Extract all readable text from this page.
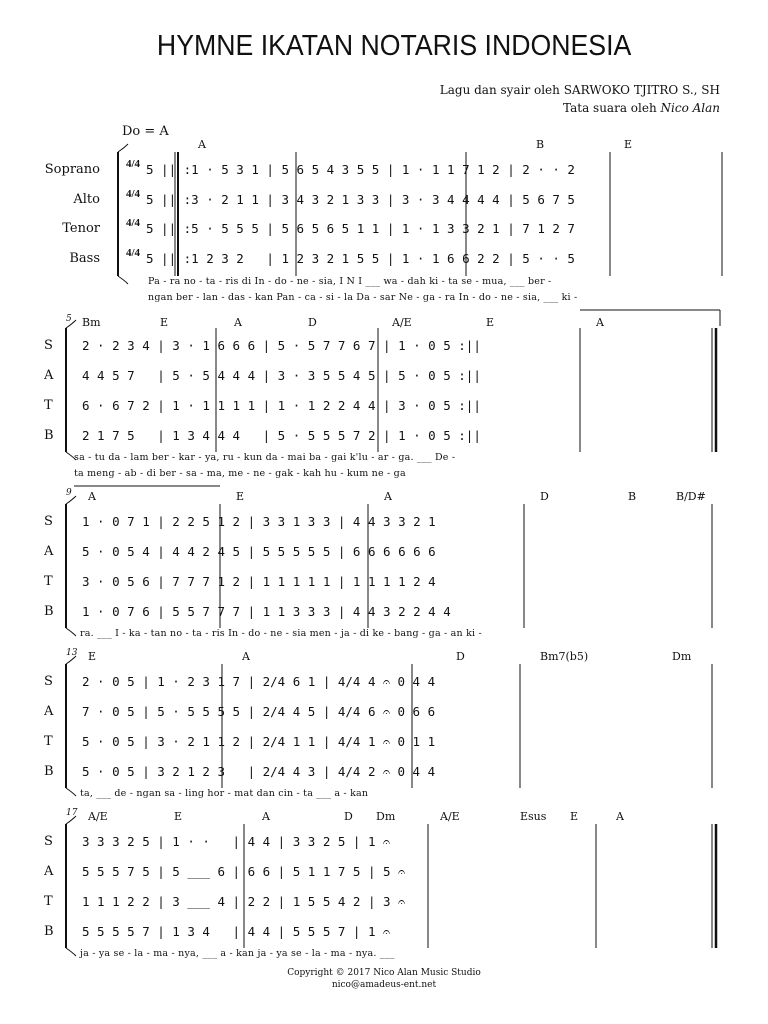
HYMNE IKATAN NOTARIS INDONESIA
Lagu dan syair oleh SARWOKO TJITRO S., SH
Tata suara oleh Nico Alan
Do = A
Soprano
Alto
Tenor
Bass
A	B	E
4/4 5 || :1 · 5 3 1 | 5 6 5 4 3 5 5 | 1 · 1 1 7 1 2 | 2 · · 2
4/4 5 || :3 · 2 1 1 | 3 4 3 2 1 3 3 | 3 · 3 4 4 4 4 | 5 6 7 5
4/4 5 || :5 · 5 5 5 | 5 6 5 6 5 1 1 | 1 · 1 3 3 2 1 | 7 1 2 7
4/4 5 || :1 2 3 2   | 1 2 3 2 1 5 5 | 1 · 1 6 6 2 2 | 5 · · 5
Pa - ra no - ta - ris di In - do - ne - sia, I N I ___ wa - dah ki - ta se - mua, ___ ber -
ngan ber - lan - das - kan Pan - ca - si - la Da - sar Ne - ga - ra In - do - ne - sia, ___ ki -
5 Bm	E	A	D	A/E	E	A
S 2 · 2 3 4 | 3 · 1 6 6 6 | 5 · 5 7 7 6 7 | 1 · 0 5 :||
A 4 4 5 7   | 5 · 5 4 4 4 | 3 · 3 5 5 4 5 | 5 · 0 5 :||
T 6 · 6 7 2 | 1 · 1 1 1 1 | 1 · 1 2 2 4 4 | 3 · 0 5 :||
B 2 1 7 5   | 1 3 4 4 4   | 5 · 5 5 5 7 2 | 1 · 0 5 :||
sa - tu da - lam ber - kar - ya, ru - kun da - mai ba - gai k'lu - ar - ga. ___ De -
ta meng - ab - di ber - sa - ma, me - ne - gak - kah hu - kum ne - ga
9 A	E	A	D	B	B/D#
S 1 · 0 7 1 | 2 2 5 1 2 | 3 3 1 3 3 | 4 4 3 3 2 1
A 5 · 0 5 4 | 4 4 2 4 5 | 5 5 5 5 5 | 6 6 6 6 6 6
T 3 · 0 5 6 | 7 7 7 1 2 | 1 1 1 1 1 | 1 1 1 1 2 4
B 1 · 0 7 6 | 5 5 7 7 7 | 1 1 3 3 3 | 4 4 3 2 2 4 4
ra. ___ I - ka - tan no - ta - ris In - do - ne - sia men - ja - di ke - bang - ga - an ki -
13 E	A	D	Bm7(b5)	Dm
S 2 · 0 5 | 1 · 2 3 1 7 | 2/4 6 1 | 4/4 4 𝄐 0 4 4
A 7 · 0 5 | 5 · 5 5 5 5 | 2/4 4 5 | 4/4 6 𝄐 0 6 6
T 5 · 0 5 | 3 · 2 1 1 2 | 2/4 1 1 | 4/4 1 𝄐 0 1 1
B 5 · 0 5 | 3 2 1 2 3   | 2/4 4 3 | 4/4 2 𝄐 0 4 4
ta, ___ de - ngan sa - ling hor - mat dan cin - ta ___ a - kan
17 A/E	E	A	D Dm	A/E	Esus E	A
S 3 3 3 2 5 | 1 · ·   | 4 4 | 3 3 2 5 | 1 𝄐
A 5 5 5 7 5 | 5 ___ 6 | 6 6 | 5 1 1 7 5 | 5 𝄐
T 1 1 1 2 2 | 3 ___ 4 | 2 2 | 1 5 5 4 2 | 3 𝄐
B 5 5 5 5 7 | 1 3 4   | 4 4 | 5 5 5 7 | 1 𝄐
ja - ya se - la - ma - nya, ___ a - kan ja - ya se - la - ma - nya. ___
Copyright © 2017 Nico Alan Music Studio
nico@amadeus-ent.net
